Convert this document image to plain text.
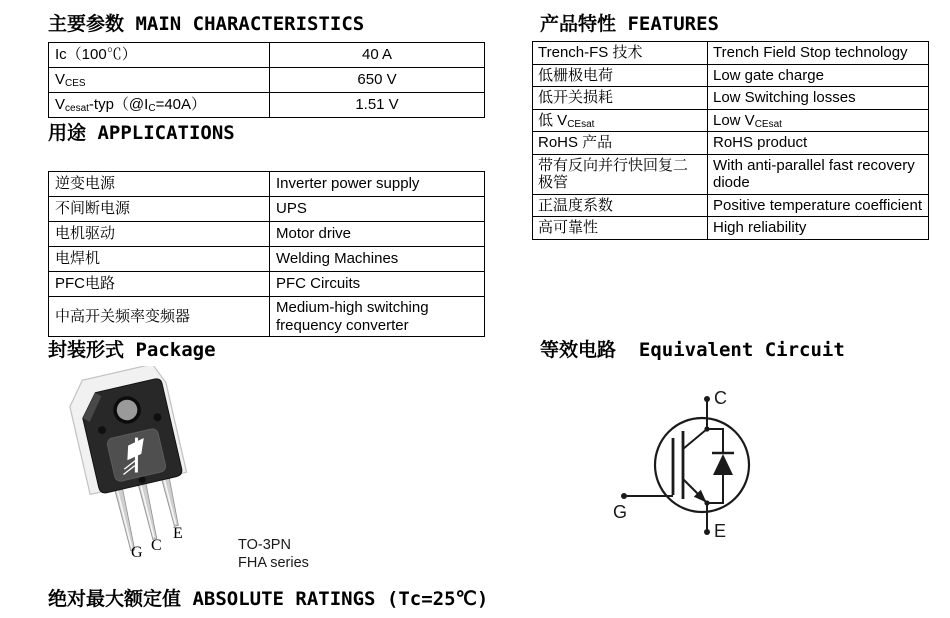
主要参数 MAIN CHARACTERISTICS
用途 APPLICATIONS
产品特性 FEATURES
封装形式 Package	等效电路  Equivalent Circuit
绝对最大额定值 ABSOLUTE RATINGS (Tc=25℃)
Ic（100℃）	40 A
$V_{CES}$	650 V
$V_{cesat}-typ(@I_C=40A)$	1.51 V
逆变电源	Inverter power supply
不间断电源	UPS
电机驱动	Motor drive
电焊机	Welding Machines
PFC电路	PFC Circuits
中高开关频率变频器	Medium-high switching frequency converter
Trench-FS 技术	Trench Field Stop technology
低栅极电荷	Low gate charge
低开关损耗	Low Switching losses
低 $V_{CEsat}$	Low $V_{CEsat}$
RoHS 产品	RoHS product
带有反向并行快回复二极管	With anti-parallel fast recovery diode
正温度系数	Positive temperature coefficient
高可靠性	High reliability
G C
E
TO-3PN
FHA series
C
G
E
